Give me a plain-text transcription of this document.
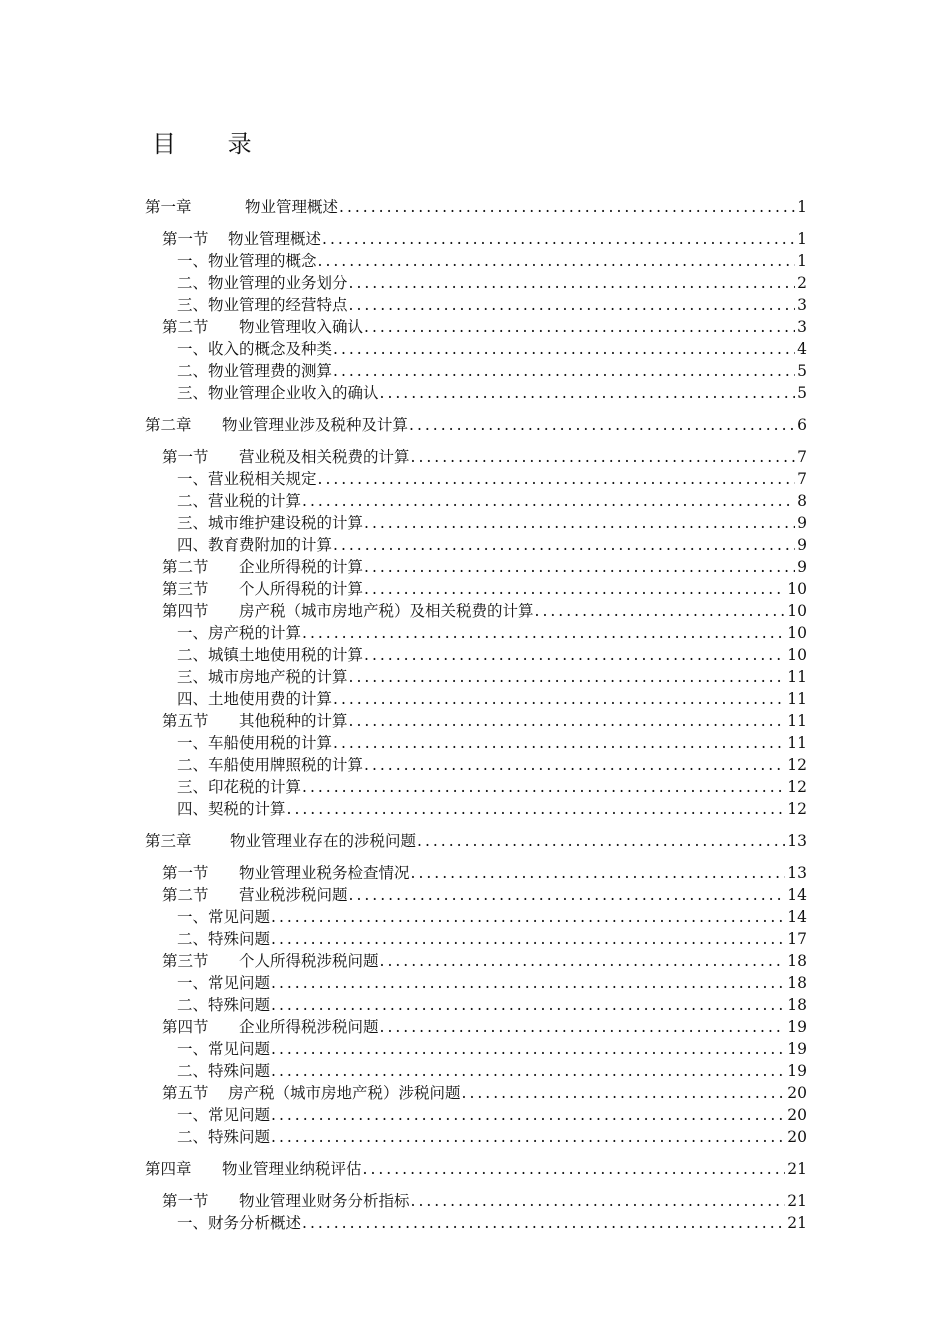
目 录
第一章	物业管理概述 .....	1
第一节	物业管理概述 .....	1
一、 物业管理的概念 .....	1
二、 物业管理的业务划分 .....	2
三、 物业管理的经营特点 .....	3
第二节	物业管理收入确认 .....	3
一、 收入的概念及种类 .....	4
二、 物业管理费的测算 .....	5
三、 物业管理企业收入的确认 .....	5
第二章	物业管理业涉及税种及计算 .....	6
第一节	营业税及相关税费的计算 .....	7
一、 营业税相关规定 .....	7
二、 营业税的计算 .....	8
三、 城市维护建设税的计算 .....	9
四、 教育费附加的计算 .....	9
第二节	企业所得税的计算 .....	9
第三节	个人所得税的计算 .....	10
第四节	房产税（城市房地产税）及相关税费的计算 .....	10
一、 房产税的计算 .....	10
二、 城镇土地使用税的计算 .....	10
三、 城市房地产税的计算 .....	11
四、 土地使用费的计算 .....	11
第五节	其他税种的计算 .....	11
一、 车船使用税的计算 .....	11
二、 车船使用牌照税的计算 .....	12
三、 印花税的计算 .....	12
四、 契税的计算 .....	12
第三章	物业管理业存在的涉税问题 .....	13
第一节	物业管理业税务检查情况 .....	13
第二节	营业税涉税问题 .....	14
一、 常见问题 .....	14
二、 特殊问题 .....	17
第三节	个人所得税涉税问题 .....	18
一、 常见问题 .....	18
二、 特殊问题 .....	18
第四节	企业所得税涉税问题 .....	19
一、 常见问题 .....	19
二、 特殊问题 .....	19
第五节	房产税（城市房地产税）涉税问题 .....	20
一、 常见问题 .....	20
二、 特殊问题 .....	20
第四章	物业管理业纳税评估 .....	21
第一节	物业管理业财务分析指标 .....	21
一、 财务分析概述 .....	21
